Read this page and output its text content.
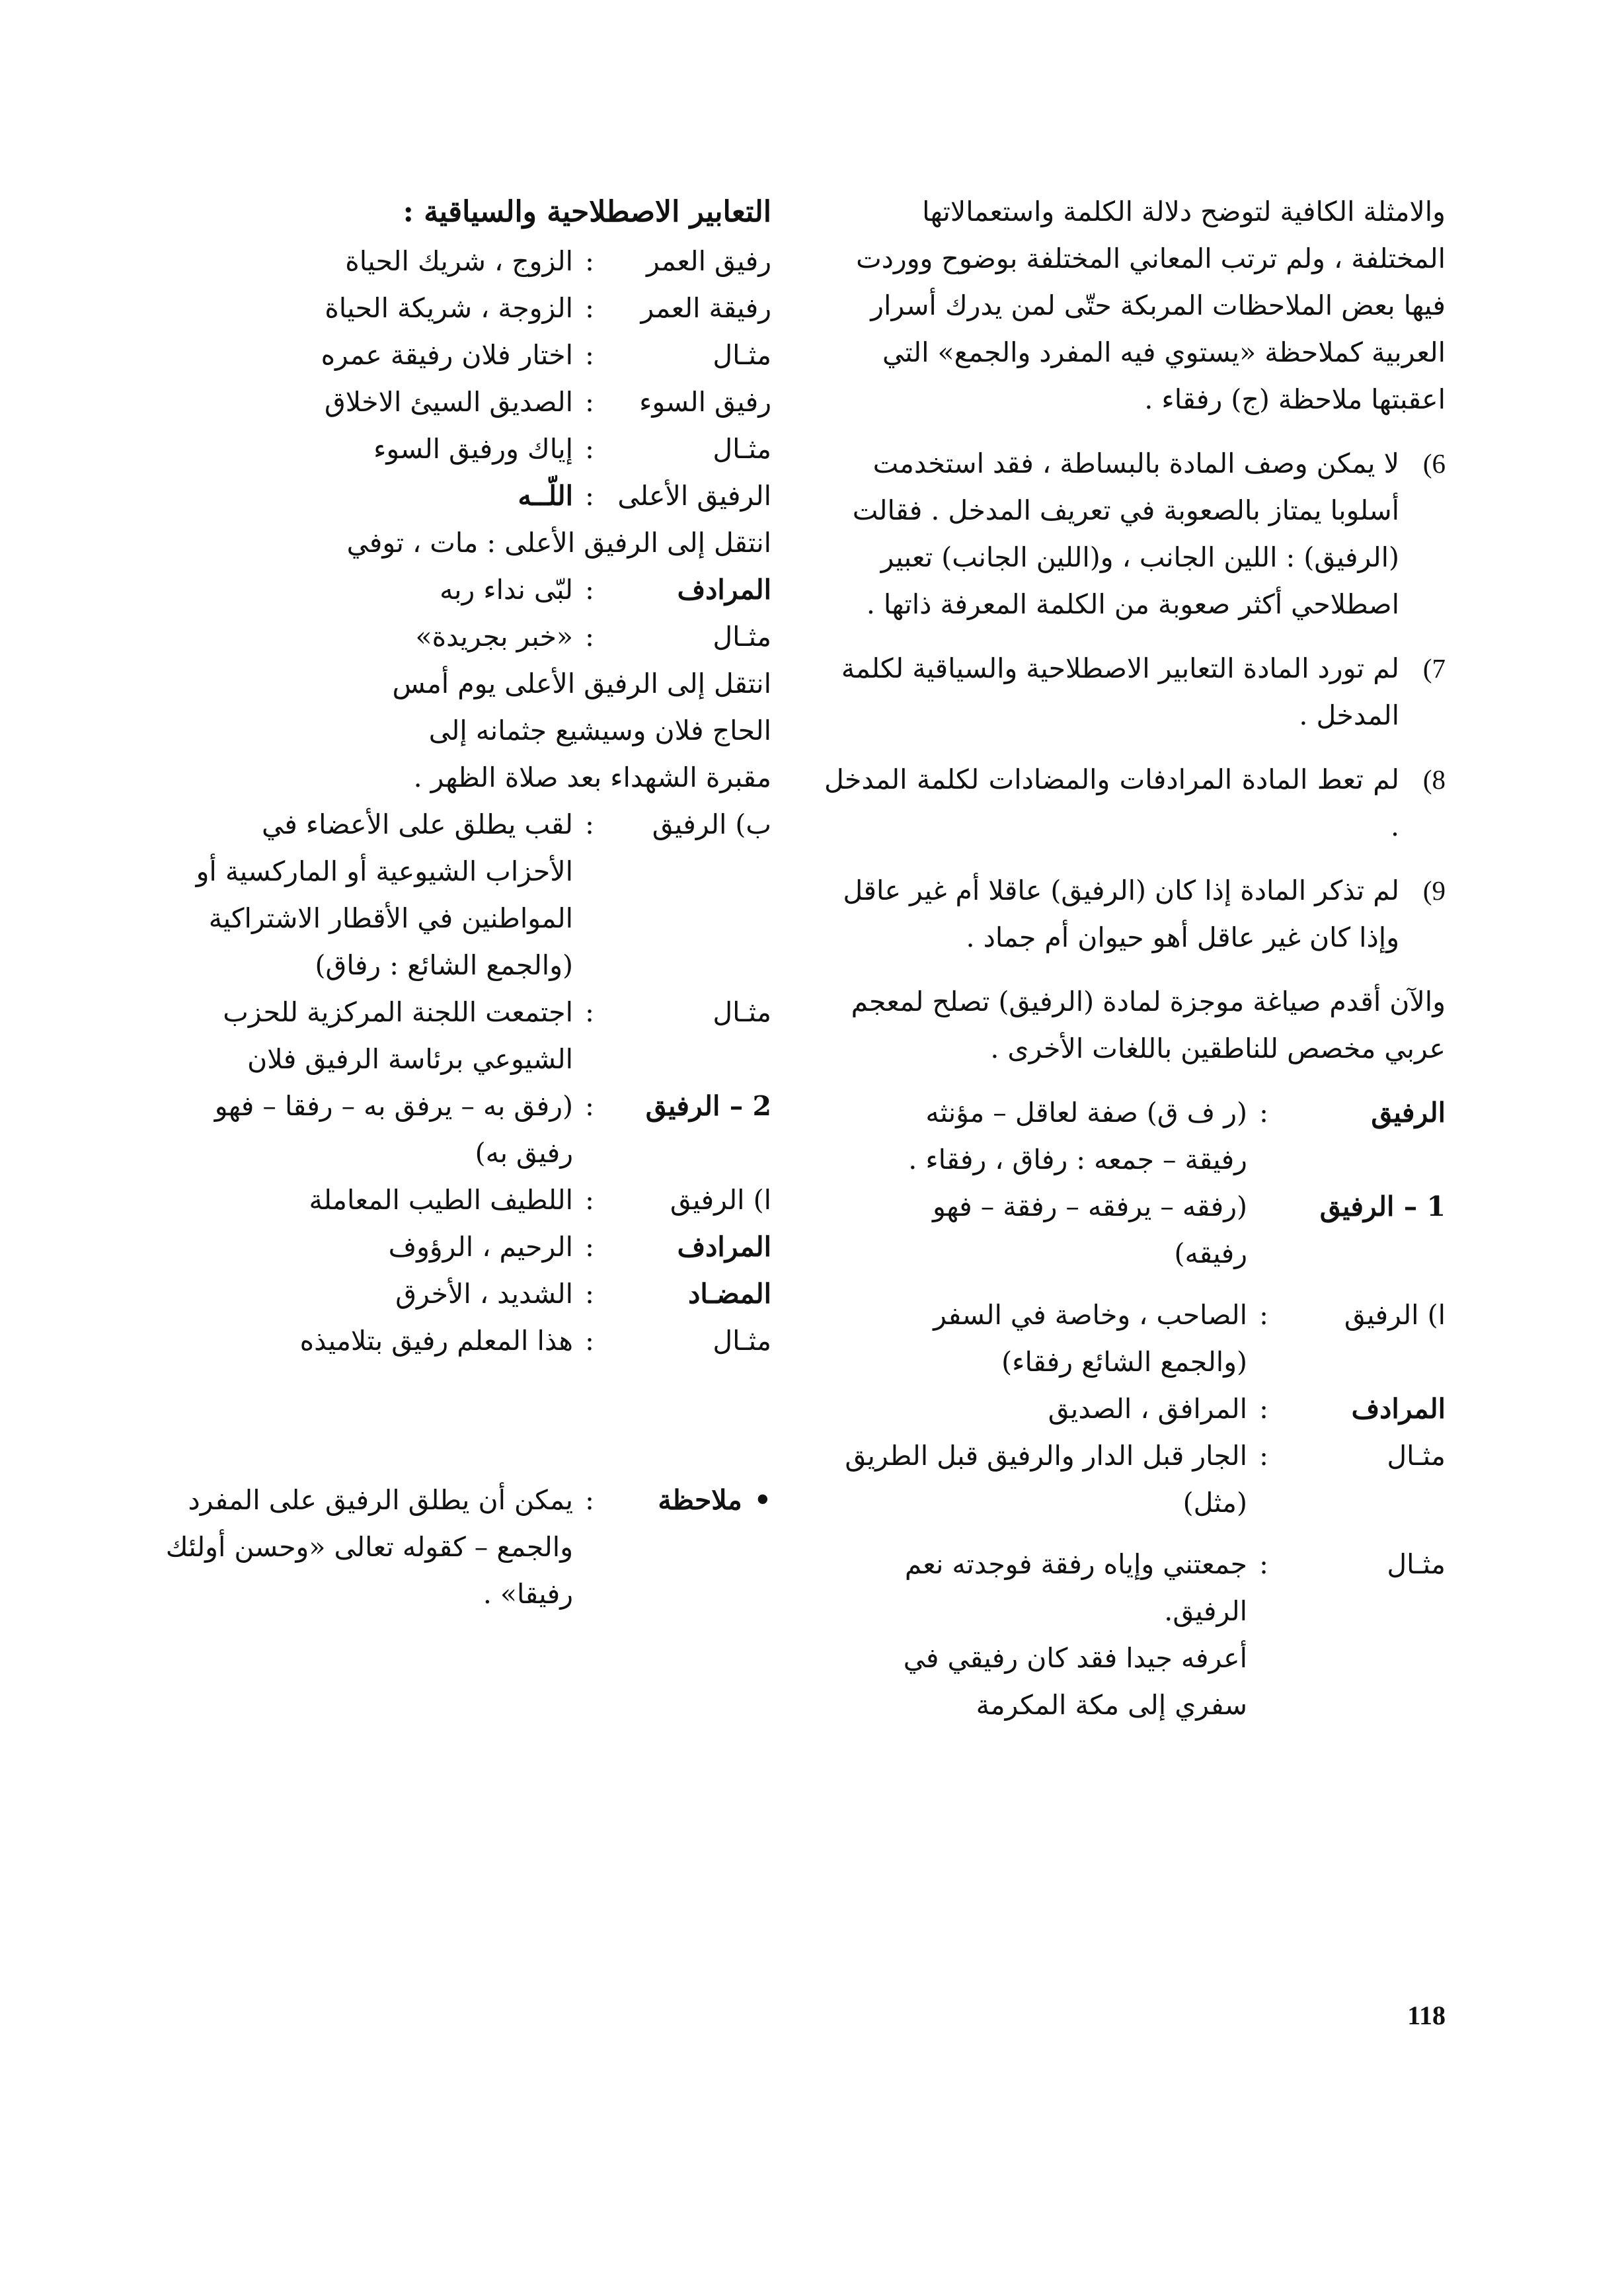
والامثلة الكافية لتوضح دلالة الكلمة واستعمالاتها

المختلفة ، ولم ترتب المعاني المختلفة بوضوح ووردت

فيها بعض الملاحظات المربكة حتّى لمن يدرك أسرار

العربية كملاحظة «يستوي فيه المفرد والجمع» التي

اعقبتها ملاحظة (ج) رفقاء .

6)

لا يمكن وصف المادة بالبساطة ، فقد استخدمت

أسلوبا يمتاز بالصعوبة في تعريف المدخل . فقالت

(الرفيق) : اللين الجانب ، و(اللين الجانب) تعبير

اصطلاحي أكثر صعوبة من الكلمة المعرفة ذاتها .

7)

لم تورد المادة التعابير الاصطلاحية والسياقية لكلمة

المدخل .

8)

لم تعط المادة المرادفات والمضادات لكلمة المدخل .

9)

لم تذكر المادة إذا كان (الرفيق) عاقلا أم غير عاقل

وإذا كان غير عاقل أهو حيوان أم جماد .

والآن أقدم صياغة موجزة لمادة (الرفيق) تصلح لمعجم

عربي مخصص للناطقين باللغات الأخرى .

الرفيق
:
(ر ف ق) صفة لعاقل – مؤنثه
رفيقة – جمعه : رفاق ، رفقاء .
1 – الرفيق
(رفقه – يرفقه – رفقة – فهو
رفيقه)
ا) الرفيق
:
الصاحب ، وخاصة في السفر
(والجمع الشائع رفقاء)
المرادف
:
المرافق ، الصديق
مثـال
:
الجار قبل الدار والرفيق قبل الطريق
(مثل)
مثـال
:
جمعتني وإياه رفقة فوجدته نعم
الرفيق.
أعرفه جيدا فقد كان رفيقي في
سفري إلى مكة المكرمة
التعابير الاصطلاحية والسياقية :
رفيق العمر
:
الزوج ، شريك الحياة
رفيقة العمر
:
الزوجة ، شريكة الحياة
مثـال
:
اختار فلان رفيقة عمره
رفيق السوء
:
الصديق السيئ الاخلاق
مثـال
:
إياك ورفيق السوء
الرفيق الأعلى
:
اللّــه

انتقل إلى الرفيق الأعلى : مات ، توفي

المرادف
:
لبّى نداء ربه
مثـال
:
«خبر بجريدة»

انتقل إلى الرفيق الأعلى يوم أمس

الحاج فلان وسيشيع جثمانه إلى

مقبرة الشهداء بعد صلاة الظهر .

ب) الرفيق
:
لقب يطلق على الأعضاء في
الأحزاب الشيوعية أو الماركسية أو
المواطنين في الأقطار الاشتراكية
(والجمع الشائع : رفاق)
مثـال
:
اجتمعت اللجنة المركزية للحزب
الشيوعي برئاسة الرفيق فلان
2 – الرفيق
:
(رفق به – يرفق به – رفقا – فهو
رفيق به)
ا) الرفيق
:
اللطيف الطيب المعاملة
المرادف
:
الرحيم ، الرؤوف
المضـاد
:
الشديد ، الأخرق
مثـال
:
هذا المعلم رفيق بتلاميذه
• ملاحظة
:
يمكن أن يطلق الرفيق على المفرد
والجمع – كقوله تعالى «وحسن أولئك
رفيقا» .
118
